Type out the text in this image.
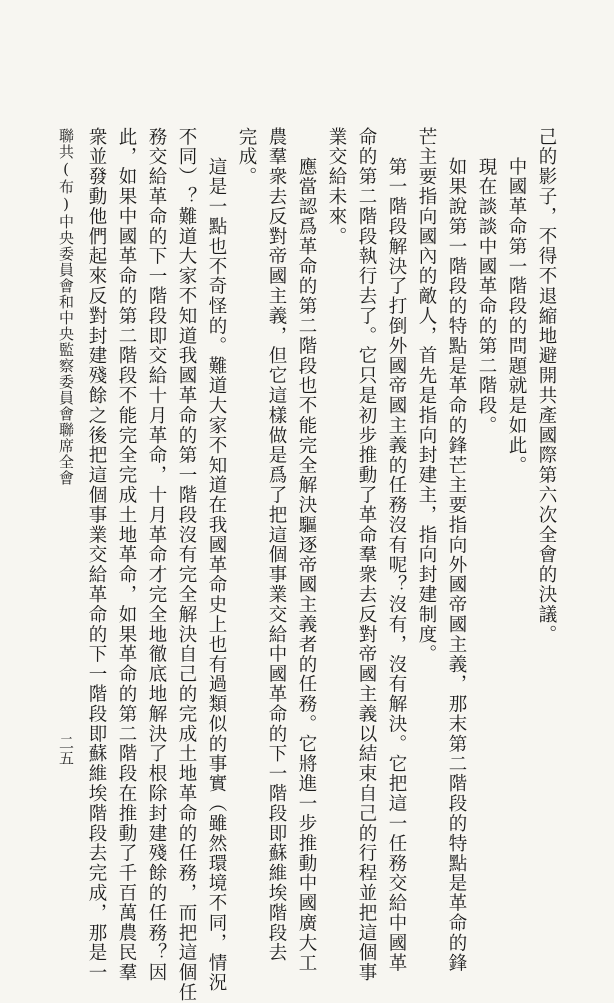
己的影子，不得不退縮地避開共產國際第六次全會的決議。
中國革命第一階段的問題就是如此。
現在談談中國革命的第二階段。
如果說第一階段的特點是革命的鋒芒主要指向外國帝國主義，那末第二階段的特點是革命的鋒
芒主要指向國內的敵人，首先是指向封建主，指向封建制度。
第一階段解決了打倒外國帝國主義的任務沒有呢？沒有，沒有解決。它把這一任務交給中國革
命的第二階段執行去了。它只是初步推動了革命羣衆去反對帝國主義以結束自己的行程並把這個事
業交給未來。
應當認爲革命的第二階段也不能完全解決驅逐帝國主義者的任務。它將進一步推動中國廣大工
農羣衆去反對帝國主義，但它這樣做是爲了把這個事業交給中國革命的下一階段即蘇維埃階段去
完成。
這是一點也不奇怪的。難道大家不知道在我國革命史上也有過類似的事實（雖然環境不同，情況
不同）？難道大家不知道我國革命的第一階段沒有完全解決自己的完成土地革命的任務，而把這個任
務交給革命的下一階段即交給十月革命，十月革命才完全地徹底地解決了根除封建殘餘的任務？因
此，如果中國革命的第二階段不能完全完成土地革命，如果革命的第二階段在推動了千百萬農民羣
衆並發動他們起來反對封建殘餘之後把這個事業交給革命的下一階段即蘇維埃階段去完成，那是一
二五
聯共(布)中央委員會和中央監察委員會聯席全會
